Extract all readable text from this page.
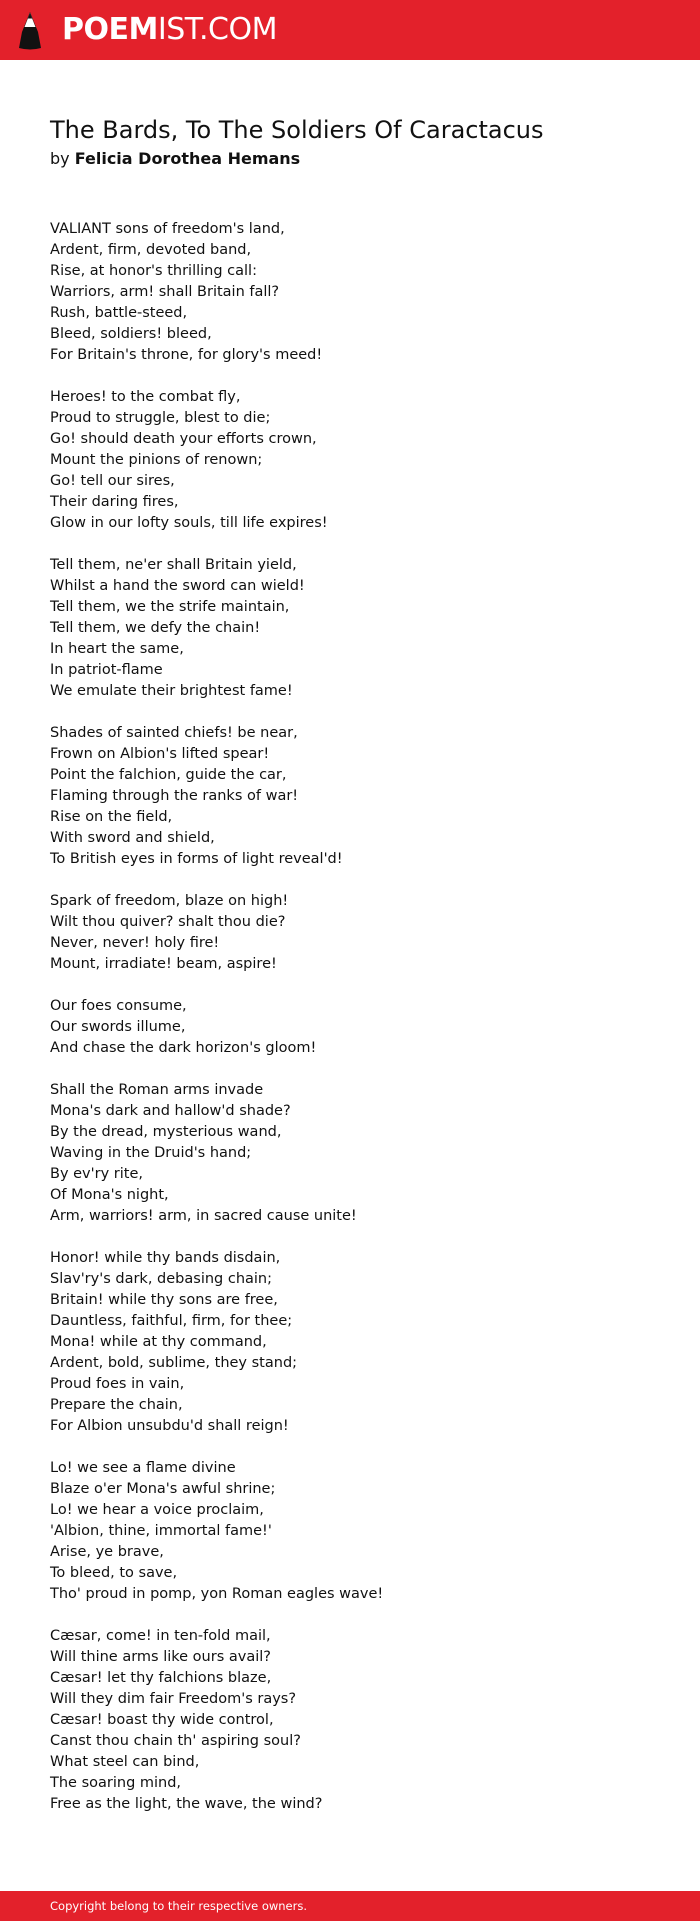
POEMIST.COM
The Bards, To The Soldiers Of Caractacus
by Felicia Dorothea Hemans
VALIANT sons of freedom's land,
Ardent, firm, devoted band,
Rise, at honor's thrilling call:
Warriors, arm! shall Britain fall?
Rush, battle-steed,
Bleed, soldiers! bleed,
For Britain's throne, for glory's meed!
Heroes! to the combat fly,
Proud to struggle, blest to die;
Go! should death your efforts crown,
Mount the pinions of renown;
Go! tell our sires,
Their daring fires,
Glow in our lofty souls, till life expires!
Tell them, ne'er shall Britain yield,
Whilst a hand the sword can wield!
Tell them, we the strife maintain,
Tell them, we defy the chain!
In heart the same,
In patriot-flame
We emulate their brightest fame!
Shades of sainted chiefs! be near,
Frown on Albion's lifted spear!
Point the falchion, guide the car,
Flaming through the ranks of war!
Rise on the field,
With sword and shield,
To British eyes in forms of light reveal'd!
Spark of freedom, blaze on high!
Wilt thou quiver? shalt thou die?
Never, never! holy fire!
Mount, irradiate! beam, aspire!
Our foes consume,
Our swords illume,
And chase the dark horizon's gloom!
Shall the Roman arms invade
Mona's dark and hallow'd shade?
By the dread, mysterious wand,
Waving in the Druid's hand;
By ev'ry rite,
Of Mona's night,
Arm, warriors! arm, in sacred cause unite!
Honor! while thy bands disdain,
Slav'ry's dark, debasing chain;
Britain! while thy sons are free,
Dauntless, faithful, firm, for thee;
Mona! while at thy command,
Ardent, bold, sublime, they stand;
Proud foes in vain,
Prepare the chain,
For Albion unsubdu'd shall reign!
Lo! we see a flame divine
Blaze o'er Mona's awful shrine;
Lo! we hear a voice proclaim,
'Albion, thine, immortal fame!'
Arise, ye brave,
To bleed, to save,
Tho' proud in pomp, yon Roman eagles wave!
Cæsar, come! in ten-fold mail,
Will thine arms like ours avail?
Cæsar! let thy falchions blaze,
Will they dim fair Freedom's rays?
Cæsar! boast thy wide control,
Canst thou chain th' aspiring soul?
What steel can bind,
The soaring mind,
Free as the light, the wave, the wind?
Copyright belong to their respective owners.
